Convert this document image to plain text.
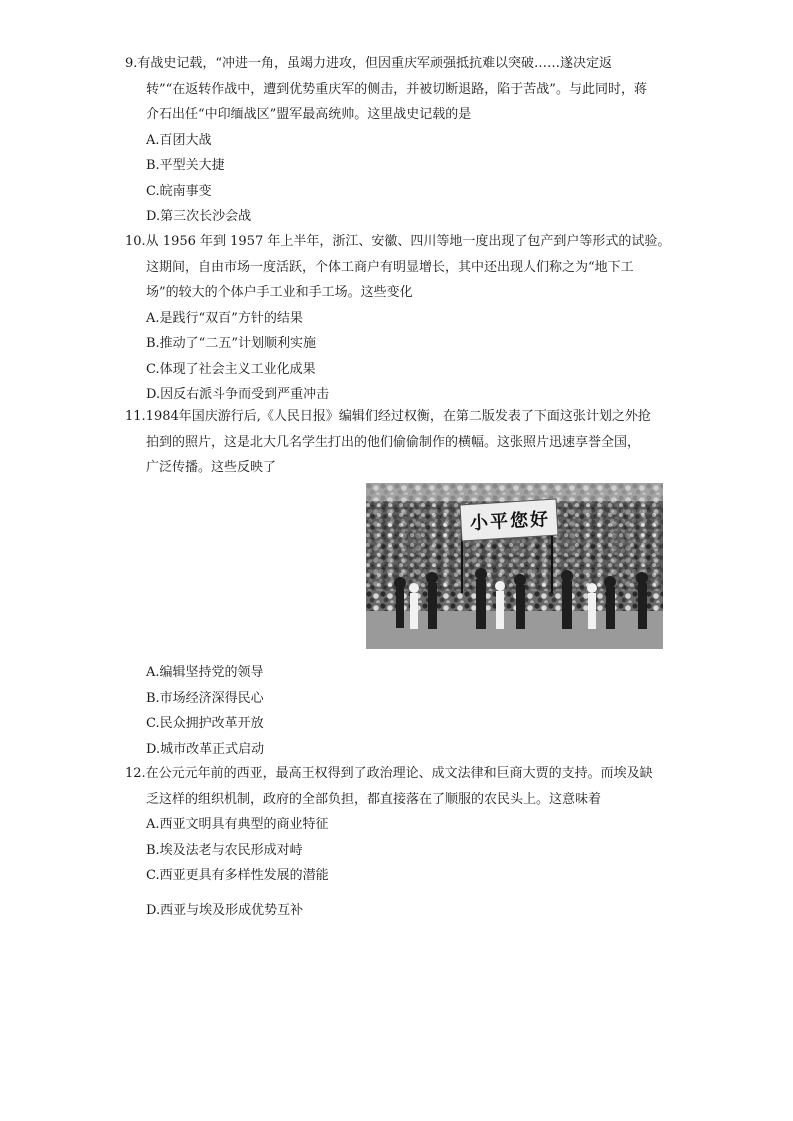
9.有战史记载，“冲进一角，虽竭力进攻，但因重庆军顽强抵抗难以突破……遂决定返
转”“在返转作战中，遭到优势重庆军的侧击，并被切断退路，陷于苦战”。与此同时，蒋
介石出任“中印缅战区”盟军最高统帅。这里战史记载的是
A.百团大战
B.平型关大捷
C.皖南事变
D.第三次长沙会战
10.从 1956 年到 1957 年上半年，浙江、安徽、四川等地一度出现了包产到户等形式的试验。
这期间，自由市场一度活跃，个体工商户有明显增长，其中还出现人们称之为“地下工
场”的较大的个体户手工业和手工场。这些变化
A.是践行“双百”方针的结果
B.推动了“二五”计划顺利实施
C.体现了社会主义工业化成果
D.因反右派斗争而受到严重冲击
11.1984年国庆游行后,《人民日报》编辑们经过权衡，在第二版发表了下面这张计划之外抢
拍到的照片，这是北大几名学生打出的他们偷偷制作的横幅。这张照片迅速享誉全国，
广泛传播。这些反映了
小平您好
A.编辑坚持党的领导
B.市场经济深得民心
C.民众拥护改革开放
D.城市改革正式启动
12.在公元元年前的西亚，最高王权得到了政治理论、成文法律和巨商大贾的支持。而埃及缺
乏这样的组织机制，政府的全部负担，都直接落在了顺服的农民头上。这意味着
A.西亚文明具有典型的商业特征
B.埃及法老与农民形成对峙
C.西亚更具有多样性发展的潜能
D.西亚与埃及形成优势互补
